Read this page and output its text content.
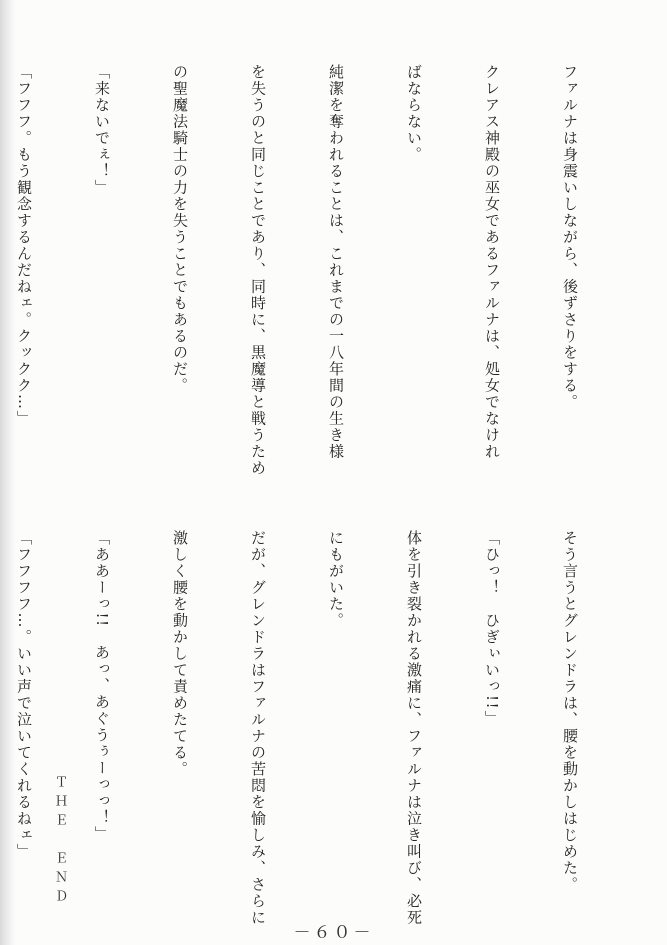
ファルナは身震いしながら、後ずさりをする。

クレアス神殿の巫女であるファルナは、処女でなけれ

ばならない。

純潔を奪われることは、これまでの一八年間の生き様

を失うのと同じことであり、同時に、黒魔導と戦うため

の聖魔法騎士の力を失うことでもあるのだ。

「来ないでぇ！」

「フフフ。もう観念するんだねェ。クックク…」

そう言うとグレンドラは、腰を動かしはじめた。

「ひっ！　ひぎぃいっ!!」

体を引き裂かれる激痛に、ファルナは泣き叫び、必死

にもがいた。

だが、グレンドラはファルナの苦悶を愉しみ、さらに

激しく腰を動かして責めたてる。

「ああーっ!!　あっ、あぐうぅーっっ！」

「フフフフ…。いい声で泣いてくれるねェ」

	ＴＨＥ　ＥＮＤ
－６０－
